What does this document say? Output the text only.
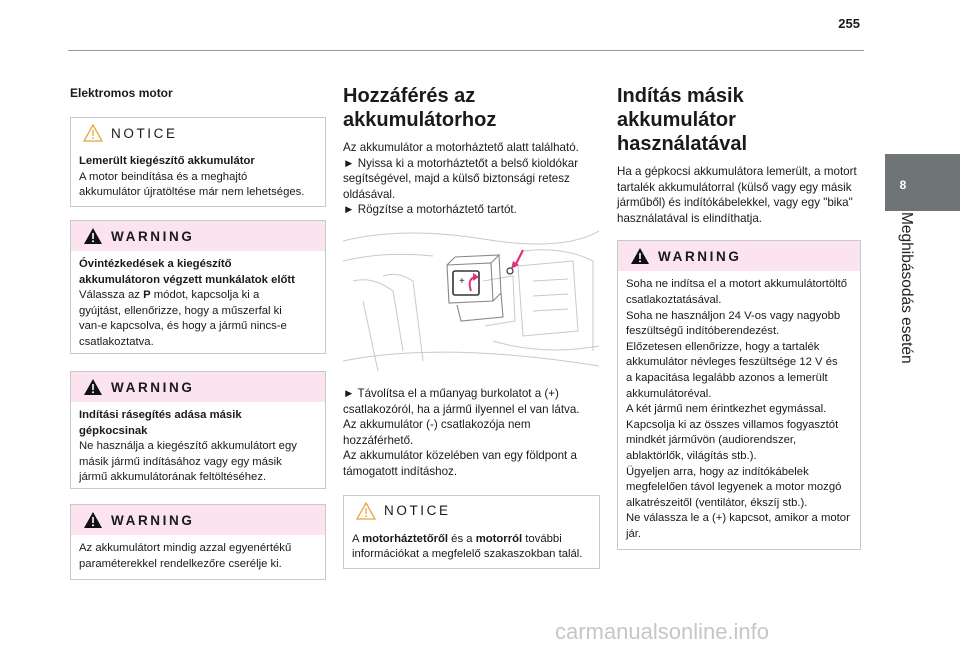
255
8
Meghibásodás esetén

Elektromos motor

NOTICE
Lemerült kiegészítő akkumulátor
A motor beindítása és a meghajtó
akkumulátor újratöltése már nem lehetséges.
WARNING
Óvintézkedések a kiegészítő
akkumulátoron végzett munkálatok előtt
Válassza az P módot, kapcsolja ki a
gyújtást, ellenőrizze, hogy a műszerfal ki
van-e kapcsolva, és hogy a jármű nincs-e
csatlakoztatva.
WARNING
Indítási rásegítés adása másik
gépkocsinak
Ne használja a kiegészítő akkumulátort egy
másik jármű indításához vagy egy másik
jármű akkumulátorának feltöltéséhez.
WARNING
Az akkumulátort mindig azzal egyenértékű
paraméterekkel rendelkezőre cserélje ki.
Hozzáférés az
akkumulátorhoz

Az akkumulátor a motorháztető alatt található.
► Nyissa ki a motorháztetőt a belső kioldókar
segítségével, majd a külső biztonsági retesz
oldásával.
► Rögzítse a motorháztető tartót.

+

► Távolítsa el a műanyag burkolatot a (+)
csatlakozóról, ha a jármű ilyennel el van látva.
Az akkumulátor (-) csatlakozója nem
hozzáférhető.
Az akkumulátor közelében van egy földpont a
támogatott indításhoz.

NOTICE
A motorháztetőről és a motorról további
információkat a megfelelő szakaszokban talál.
Indítás másik akkumulátor
használatával

Ha a gépkocsi akkumulátora lemerült, a motort
tartalék akkumulátorral (külső vagy egy másik
járműből) és indítókábelekkel, vagy egy "bika"
használatával is elindíthatja.

WARNING
Soha ne indítsa el a motort akkumulátortöltő
csatlakoztatásával.
Soha ne használjon 24 V-os vagy nagyobb
feszültségű indítóberendezést.
Előzetesen ellenőrizze, hogy a tartalék
akkumulátor névleges feszültsége 12 V és
a kapacitása legalább azonos a lemerült
akkumulátoréval.
A két jármű nem érintkezhet egymással.
Kapcsolja ki az összes villamos fogyasztót
mindkét járművön (audiorendszer,
ablaktörlők, világítás stb.).
Ügyeljen arra, hogy az indítókábelek
megfelelően távol legyenek a motor mozgó
alkatrészeitől (ventilátor, ékszíj stb.).
Ne válassza le a (+) kapcsot, amikor a motor
jár.
carmanualsonline.info
